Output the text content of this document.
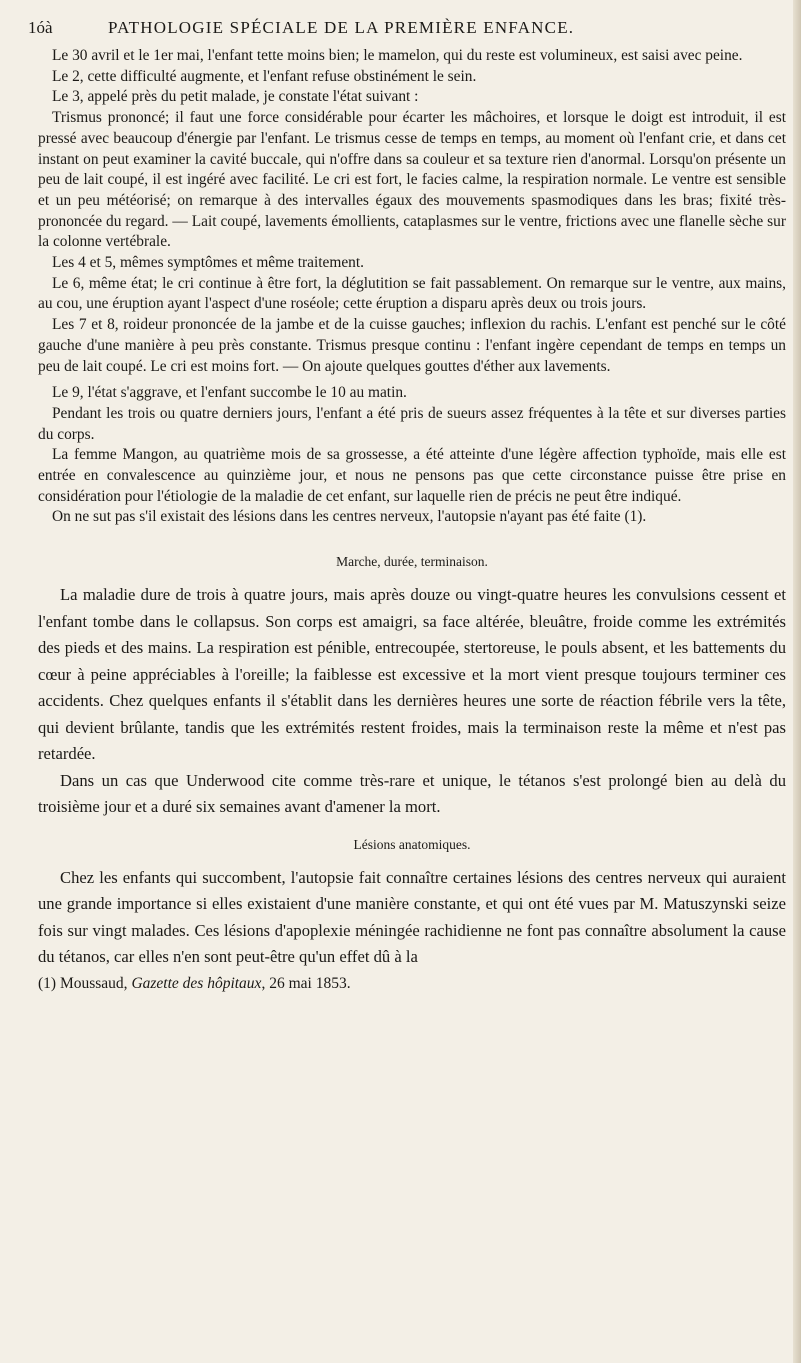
1óà	PATHOLOGIE SPÉCIALE DE LA PREMIÈRE ENFANCE.

Le 30 avril et le 1er mai, l'enfant tette moins bien; le mamelon, qui du reste est volumineux, est saisi avec peine.

Le 2, cette difficulté augmente, et l'enfant refuse obstinément le sein.

Le 3, appelé près du petit malade, je constate l'état suivant :

Trismus prononcé; il faut une force considérable pour écarter les mâchoires, et lorsque le doigt est introduit, il est pressé avec beaucoup d'énergie par l'enfant. Le trismus cesse de temps en temps, au moment où l'enfant crie, et dans cet instant on peut examiner la cavité buccale, qui n'offre dans sa couleur et sa texture rien d'anormal. Lorsqu'on présente un peu de lait coupé, il est ingéré avec facilité. Le cri est fort, le facies calme, la respiration normale. Le ventre est sensible et un peu météorisé; on remarque à des intervalles égaux des mouvements spasmodiques dans les bras; fixité très-prononcée du regard. — Lait coupé, lavements émollients, cataplasmes sur le ventre, frictions avec une flanelle sèche sur la colonne vertébrale.

Les 4 et 5, mêmes symptômes et même traitement.

Le 6, même état; le cri continue à être fort, la déglutition se fait passablement. On remarque sur le ventre, aux mains, au cou, une éruption ayant l'aspect d'une roséole; cette éruption a disparu après deux ou trois jours.

Les 7 et 8, roideur prononcée de la jambe et de la cuisse gauches; inflexion du rachis. L'enfant est penché sur le côté gauche d'une manière à peu près constante. Trismus presque continu : l'enfant ingère cependant de temps en temps un peu de lait coupé. Le cri est moins fort. — On ajoute quelques gouttes d'éther aux lavements.

Le 9, l'état s'aggrave, et l'enfant succombe le 10 au matin.

Pendant les trois ou quatre derniers jours, l'enfant a été pris de sueurs assez fréquentes à la tête et sur diverses parties du corps.

La femme Mangon, au quatrième mois de sa grossesse, a été atteinte d'une légère affection typhoïde, mais elle est entrée en convalescence au quinzième jour, et nous ne pensons pas que cette circonstance puisse être prise en considération pour l'étiologie de la maladie de cet enfant, sur laquelle rien de précis ne peut être indiqué.

On ne sut pas s'il existait des lésions dans les centres nerveux, l'autopsie n'ayant pas été faite (1).

Marche, durée, terminaison.

La maladie dure de trois à quatre jours, mais après douze ou vingt-quatre heures les convulsions cessent et l'enfant tombe dans le collapsus. Son corps est amaigri, sa face altérée, bleuâtre, froide comme les extrémités des pieds et des mains. La respiration est pénible, entrecoupée, stertoreuse, le pouls absent, et les battements du cœur à peine appréciables à l'oreille; la faiblesse est excessive et la mort vient presque toujours terminer ces accidents. Chez quelques enfants il s'établit dans les dernières heures une sorte de réaction fébrile vers la tête, qui devient brûlante, tandis que les extrémités restent froides, mais la terminaison reste la même et n'est pas retardée.

Dans un cas que Underwood cite comme très-rare et unique, le tétanos s'est prolongé bien au delà du troisième jour et a duré six semaines avant d'amener la mort.

Lésions anatomiques.

Chez les enfants qui succombent, l'autopsie fait connaître certaines lésions des centres nerveux qui auraient une grande importance si elles existaient d'une manière constante, et qui ont été vues par M. Matuszynski seize fois sur vingt malades. Ces lésions d'apoplexie méningée rachidienne ne font pas connaître absolument la cause du tétanos, car elles n'en sont peut-être qu'un effet dû à la

(1) Moussaud, Gazette des hôpitaux, 26 mai 1853.
